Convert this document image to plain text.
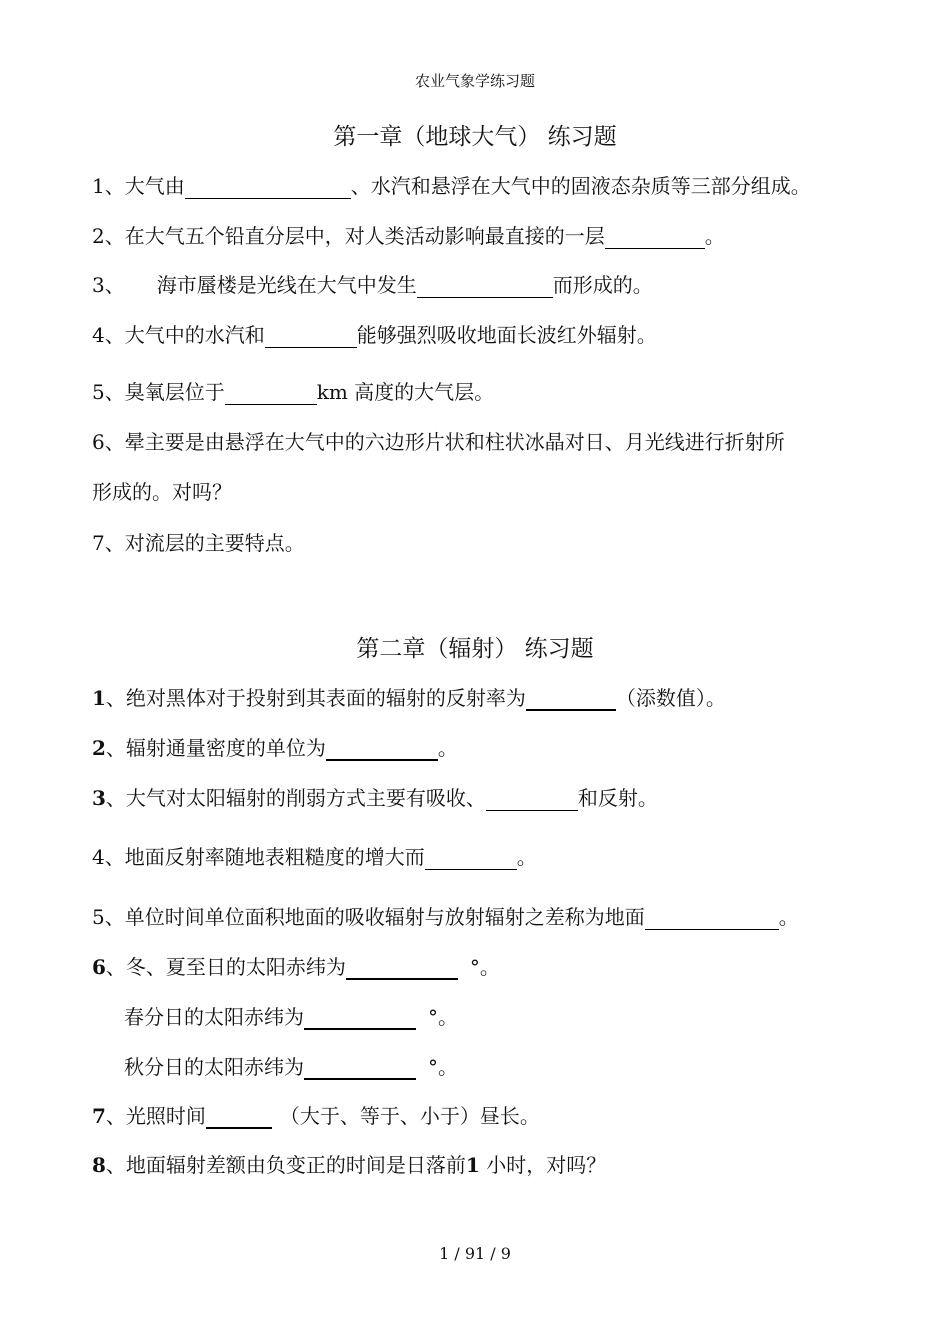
农业气象学练习题
第一章（地球大气） 练习题
1、大气由	、水汽和悬浮在大气中的固液态杂质等三部分组成。
2、在大气五个铅直分层中，对人类活动影响最直接的一层	。
3、 海市蜃楼是光线在大气中发生	而形成的。
4、大气中的水汽和	能够强烈吸收地面长波红外辐射。
5、臭氧层位于	km 高度的大气层。
6、晕主要是由悬浮在大气中的六边形片状和柱状冰晶对日、月光线进行折射所
形成的。对吗？
7、对流层的主要特点。
第二章（辐射） 练习题
1、绝对黑体对于投射到其表面的辐射的反射率为	（添数值）。
2、辐射通量密度的单位为	。
3、大气对太阳辐射的削弱方式主要有吸收、	和反射。
4、地面反射率随地表粗糙度的增大而	。
5、单位时间单位面积地面的吸收辐射与放射辐射之差称为地面	。
6、冬、夏至日的太阳赤纬为	°。
春分日的太阳赤纬为	°。
秋分日的太阳赤纬为	°。
7、光照时间	（大于、等于、小于）昼长。
8、地面辐射差额由负变正的时间是日落前1 小时，对吗？
1 / 91 / 9
